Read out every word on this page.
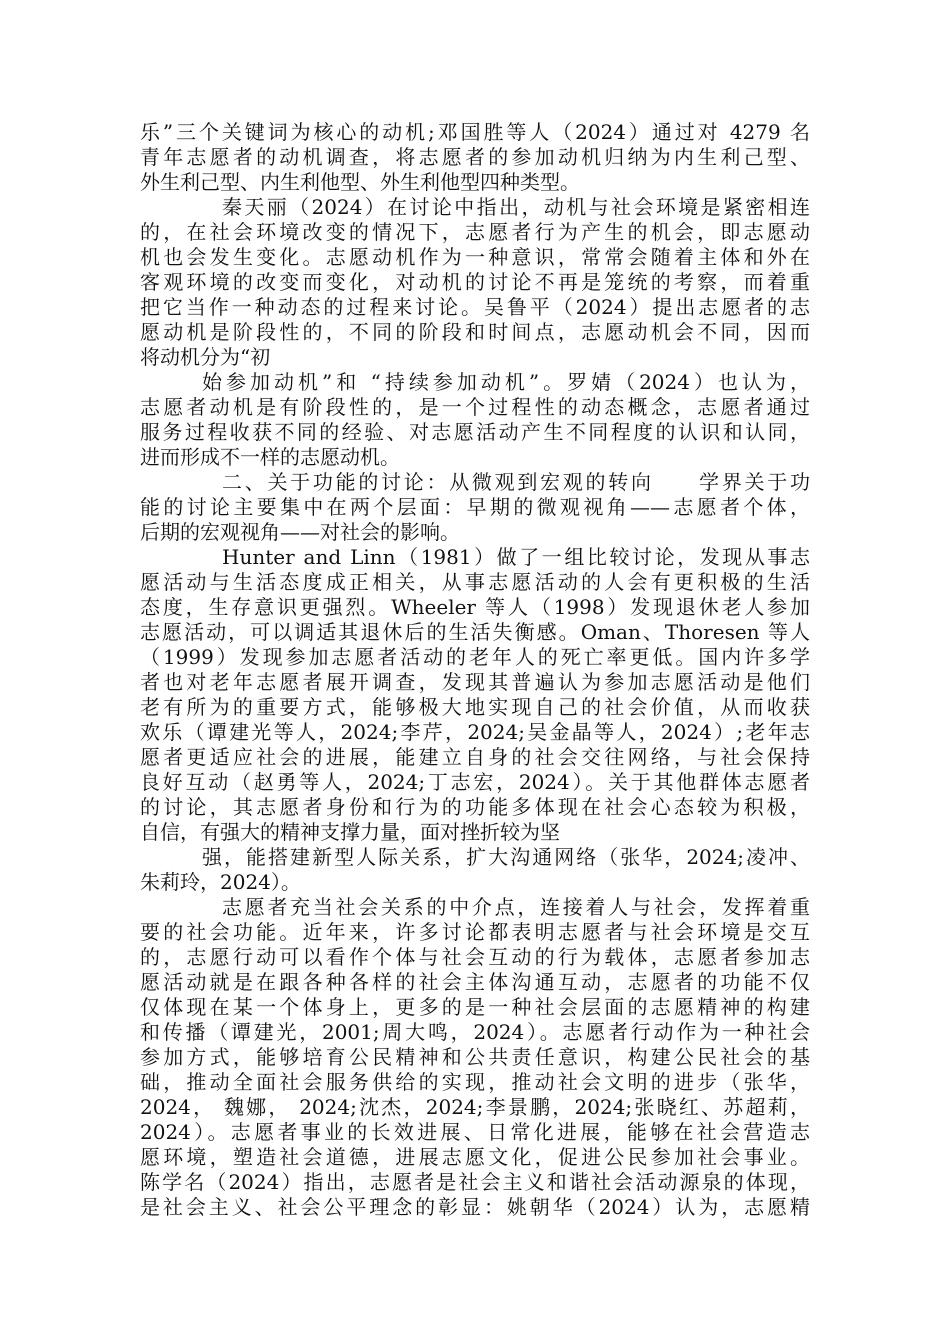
乐”三个关键词为核心的动机;邓国胜等人（2024）通过对 4279 名
青年志愿者的动机调查，将志愿者的参加动机归纳为内生利己型、
外生利己型、内生利他型、外生利他型四种类型。
秦天丽（2024）在讨论中指出，动机与社会环境是紧密相连
的，在社会环境改变的情况下，志愿者行为产生的机会，即志愿动
机也会发生变化。志愿动机作为一种意识，常常会随着主体和外在
客观环境的改变而变化，对动机的讨论不再是笼统的考察，而着重
把它当作一种动态的过程来讨论。吴鲁平（2024）提出志愿者的志
愿动机是阶段性的，不同的阶段和时间点，志愿动机会不同，因而
将动机分为“初
始参加动机”和 “持续参加动机”。罗婧（2024）也认为，
志愿者动机是有阶段性的，是一个过程性的动态概念，志愿者通过
服务过程收获不同的经验、对志愿活动产生不同程度的认识和认同，
进而形成不一样的志愿动机。
二、关于功能的讨论：从微观到宏观的转向　　学界关于功
能的讨论主要集中在两个层面：早期的微观视角——志愿者个体，
后期的宏观视角——对社会的影响。
Hunter and Linn（1981）做了一组比较讨论，发现从事志
愿活动与生活态度成正相关，从事志愿活动的人会有更积极的生活
态度，生存意识更强烈。Wheeler 等人（1998）发现退休老人参加
志愿活动，可以调适其退休后的生活失衡感。Oman、Thoresen 等人
（1999）发现参加志愿者活动的老年人的死亡率更低。国内许多学
者也对老年志愿者展开调查，发现其普遍认为参加志愿活动是他们
老有所为的重要方式，能够极大地实现自己的社会价值，从而收获
欢乐（谭建光等人，2024;李芹，2024;吴金晶等人，2024）;老年志
愿者更适应社会的进展，能建立自身的社会交往网络，与社会保持
良好互动（赵勇等人，2024;丁志宏，2024）。关于其他群体志愿者
的讨论，其志愿者身份和行为的功能多体现在社会心态较为积极，
自信，有强大的精神支撑力量，面对挫折较为坚
强，能搭建新型人际关系，扩大沟通网络（张华，2024;凌冲、
朱莉玲，2024）。
志愿者充当社会关系的中介点，连接着人与社会，发挥着重
要的社会功能。近年来，许多讨论都表明志愿者与社会环境是交互
的，志愿行动可以看作个体与社会互动的行为载体，志愿者参加志
愿活动就是在跟各种各样的社会主体沟通互动，志愿者的功能不仅
仅体现在某一个体身上，更多的是一种社会层面的志愿精神的构建
和传播（谭建光，2001;周大鸣，2024）。志愿者行动作为一种社会
参加方式，能够培育公民精神和公共责任意识，构建公民社会的基
础，推动全面社会服务供给的实现，推动社会文明的进步（张华，
2024， 魏娜， 2024;沈杰，2024;李景鹏，2024;张晓红、苏超莉，
2024）。志愿者事业的长效进展、日常化进展，能够在社会营造志
愿环境，塑造社会道德，进展志愿文化，促进公民参加社会事业。
陈学名（2024）指出，志愿者是社会主义和谐社会活动源泉的体现，
是社会主义、社会公平理念的彰显：姚朝华（2024）认为，志愿精
